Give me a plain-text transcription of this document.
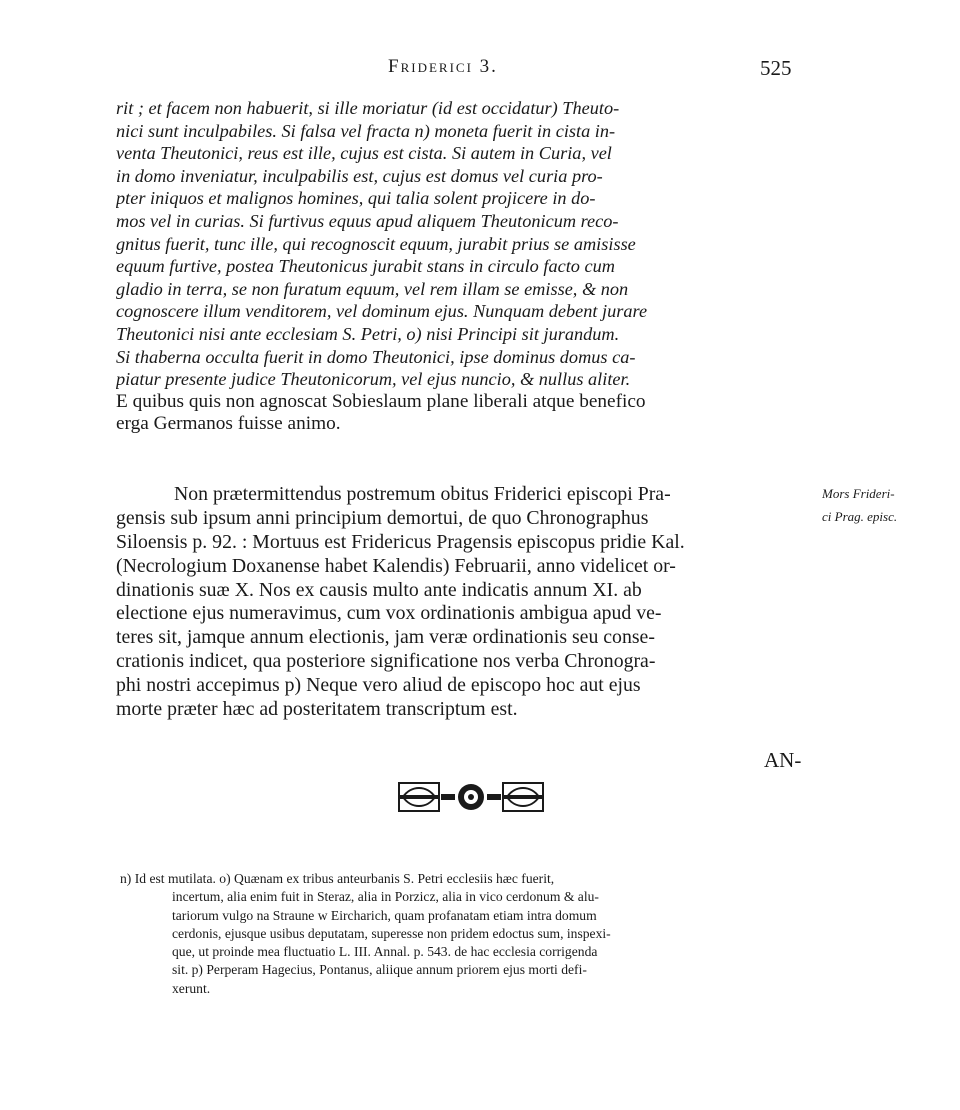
Friderici 3.	525
rit ; et facem non habuerit, si ille moriatur (id est occidatur) Theuto-
nici sunt inculpabiles. Si falsa vel fracta n) moneta fuerit in cista in-
venta Theutonici, reus est ille, cujus est cista. Si autem in Curia, vel
in domo inveniatur, inculpabilis est, cujus est domus vel curia pro-
pter iniquos et malignos homines, qui talia solent projicere in do-
mos vel in curias. Si furtivus equus apud aliquem Theutonicum reco-
gnitus fuerit, tunc ille, qui recognoscit equum, jurabit prius se amisisse
equum furtive, postea Theutonicus jurabit stans in circulo facto cum
gladio in terra, se non furatum equum, vel rem illam se emisse, & non
cognoscere illum venditorem, vel dominum ejus. Nunquam debent jurare
Theutonici nisi ante ecclesiam S. Petri, o) nisi Principi sit jurandum.
Si thaberna occulta fuerit in domo Theutonici, ipse dominus domus ca-
piatur presente judice Theutonicorum, vel ejus nuncio, & nullus aliter.
E quibus quis non agnoscat Sobieslaum plane liberali atque benefico
erga Germanos fuisse animo.
Non prætermittendus postremum obitus Friderici episcopi Pra-
gensis sub ipsum anni principium demortui, de quo Chronographus
Siloensis p. 92. : Mortuus est Fridericus Pragensis episcopus pridie Kal.
(Necrologium Doxanense habet Kalendis) Februarii, anno videlicet or-
dinationis suæ X. Nos ex causis multo ante indicatis annum XI. ab
electione ejus numeravimus, cum vox ordinationis ambigua apud ve-
teres sit, jamque annum electionis, jam veræ ordinationis seu conse-
crationis indicet, qua posteriore significatione nos verba Chronogra-
phi nostri accepimus p) Neque vero aliud de episcopo hoc aut ejus
morte præter hæc ad posteritatem transcriptum est.
Mors Frideri-
ci Prag. episc.
AN-
n) Id est mutilata. o) Quænam ex tribus anteurbanis S. Petri ecclesiis hæc fuerit,
incertum, alia enim fuit in Steraz, alia in Porzicz, alia in vico cerdonum & alu-
tariorum vulgo na Straune w Eircharich, quam profanatam etiam intra domum
cerdonis, ejusque usibus deputatam, superesse non pridem edoctus sum, inspexi-
que, ut proinde mea fluctuatio L. III. Annal. p. 543. de hac ecclesia corrigenda
sit. p) Perperam Hagecius, Pontanus, aliique annum priorem ejus morti defi-
xerunt.
